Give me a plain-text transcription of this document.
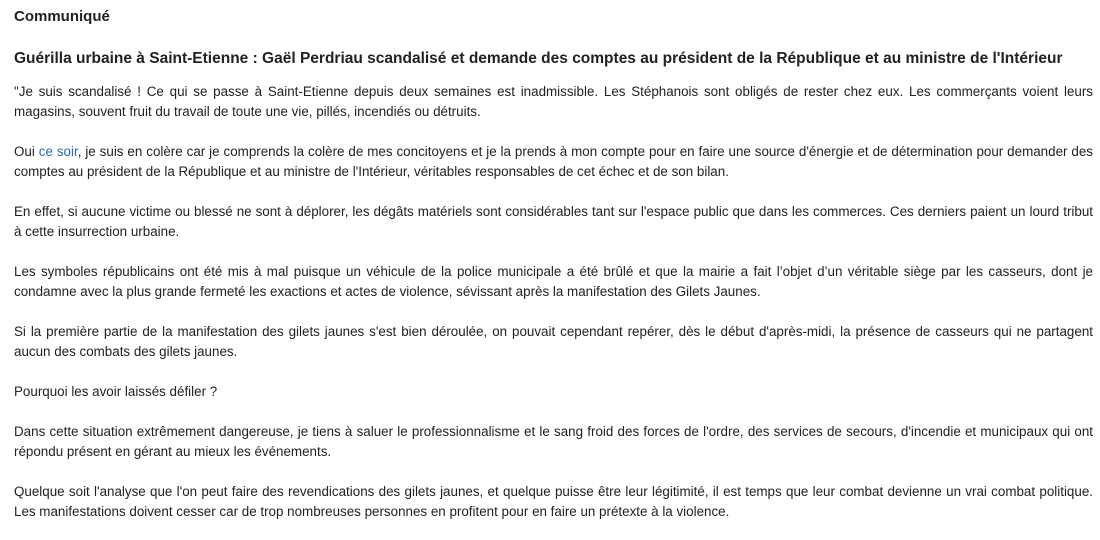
Communiqué
Guérilla urbaine à Saint-Etienne : Gaël Perdriau scandalisé et demande des comptes au président de la République et au ministre de l'Intérieur

"Je suis scandalisé ! Ce qui se passe à Saint-Etienne depuis deux semaines est inadmissible. Les Stéphanois sont obligés de rester chez eux. Les commerçants voient leurs magasins, souvent fruit du travail de toute une vie, pillés, incendiés ou détruits.

Oui ce soir, je suis en colère car je comprends la colère de mes concitoyens et je la prends à mon compte pour en faire une source d'énergie et de détermination pour demander des comptes au président de la République et au ministre de l'Intérieur, véritables responsables de cet échec et de son bilan.

En effet, si aucune victime ou blessé ne sont à déplorer, les dégâts matériels sont considérables tant sur l'espace public que dans les commerces. Ces derniers paient un lourd tribut à cette insurrection urbaine.

Les symboles républicains ont été mis à mal puisque un véhicule de la police municipale a été brûlé et que la mairie a fait l’objet d’un véritable siège par les casseurs, dont je condamne avec la plus grande fermeté les exactions et actes de violence, sévissant après la manifestation des Gilets Jaunes.

Si la première partie de la manifestation des gilets jaunes s'est bien déroulée, on pouvait cependant repérer, dès le début d'après-midi, la présence de casseurs qui ne partagent aucun des combats des gilets jaunes.

Pourquoi les avoir laissés défiler ?

Dans cette situation extrêmement dangereuse, je tiens à saluer le professionnalisme et le sang froid des forces de l'ordre, des services de secours, d'incendie et municipaux qui ont répondu présent en gérant au mieux les événements.

Quelque soit l'analyse que l'on peut faire des revendications des gilets jaunes, et quelque puisse être leur légitimité, il est temps que leur combat devienne un vrai combat politique. Les manifestations doivent cesser car de trop nombreuses personnes en profitent pour en faire un prétexte à la violence.
